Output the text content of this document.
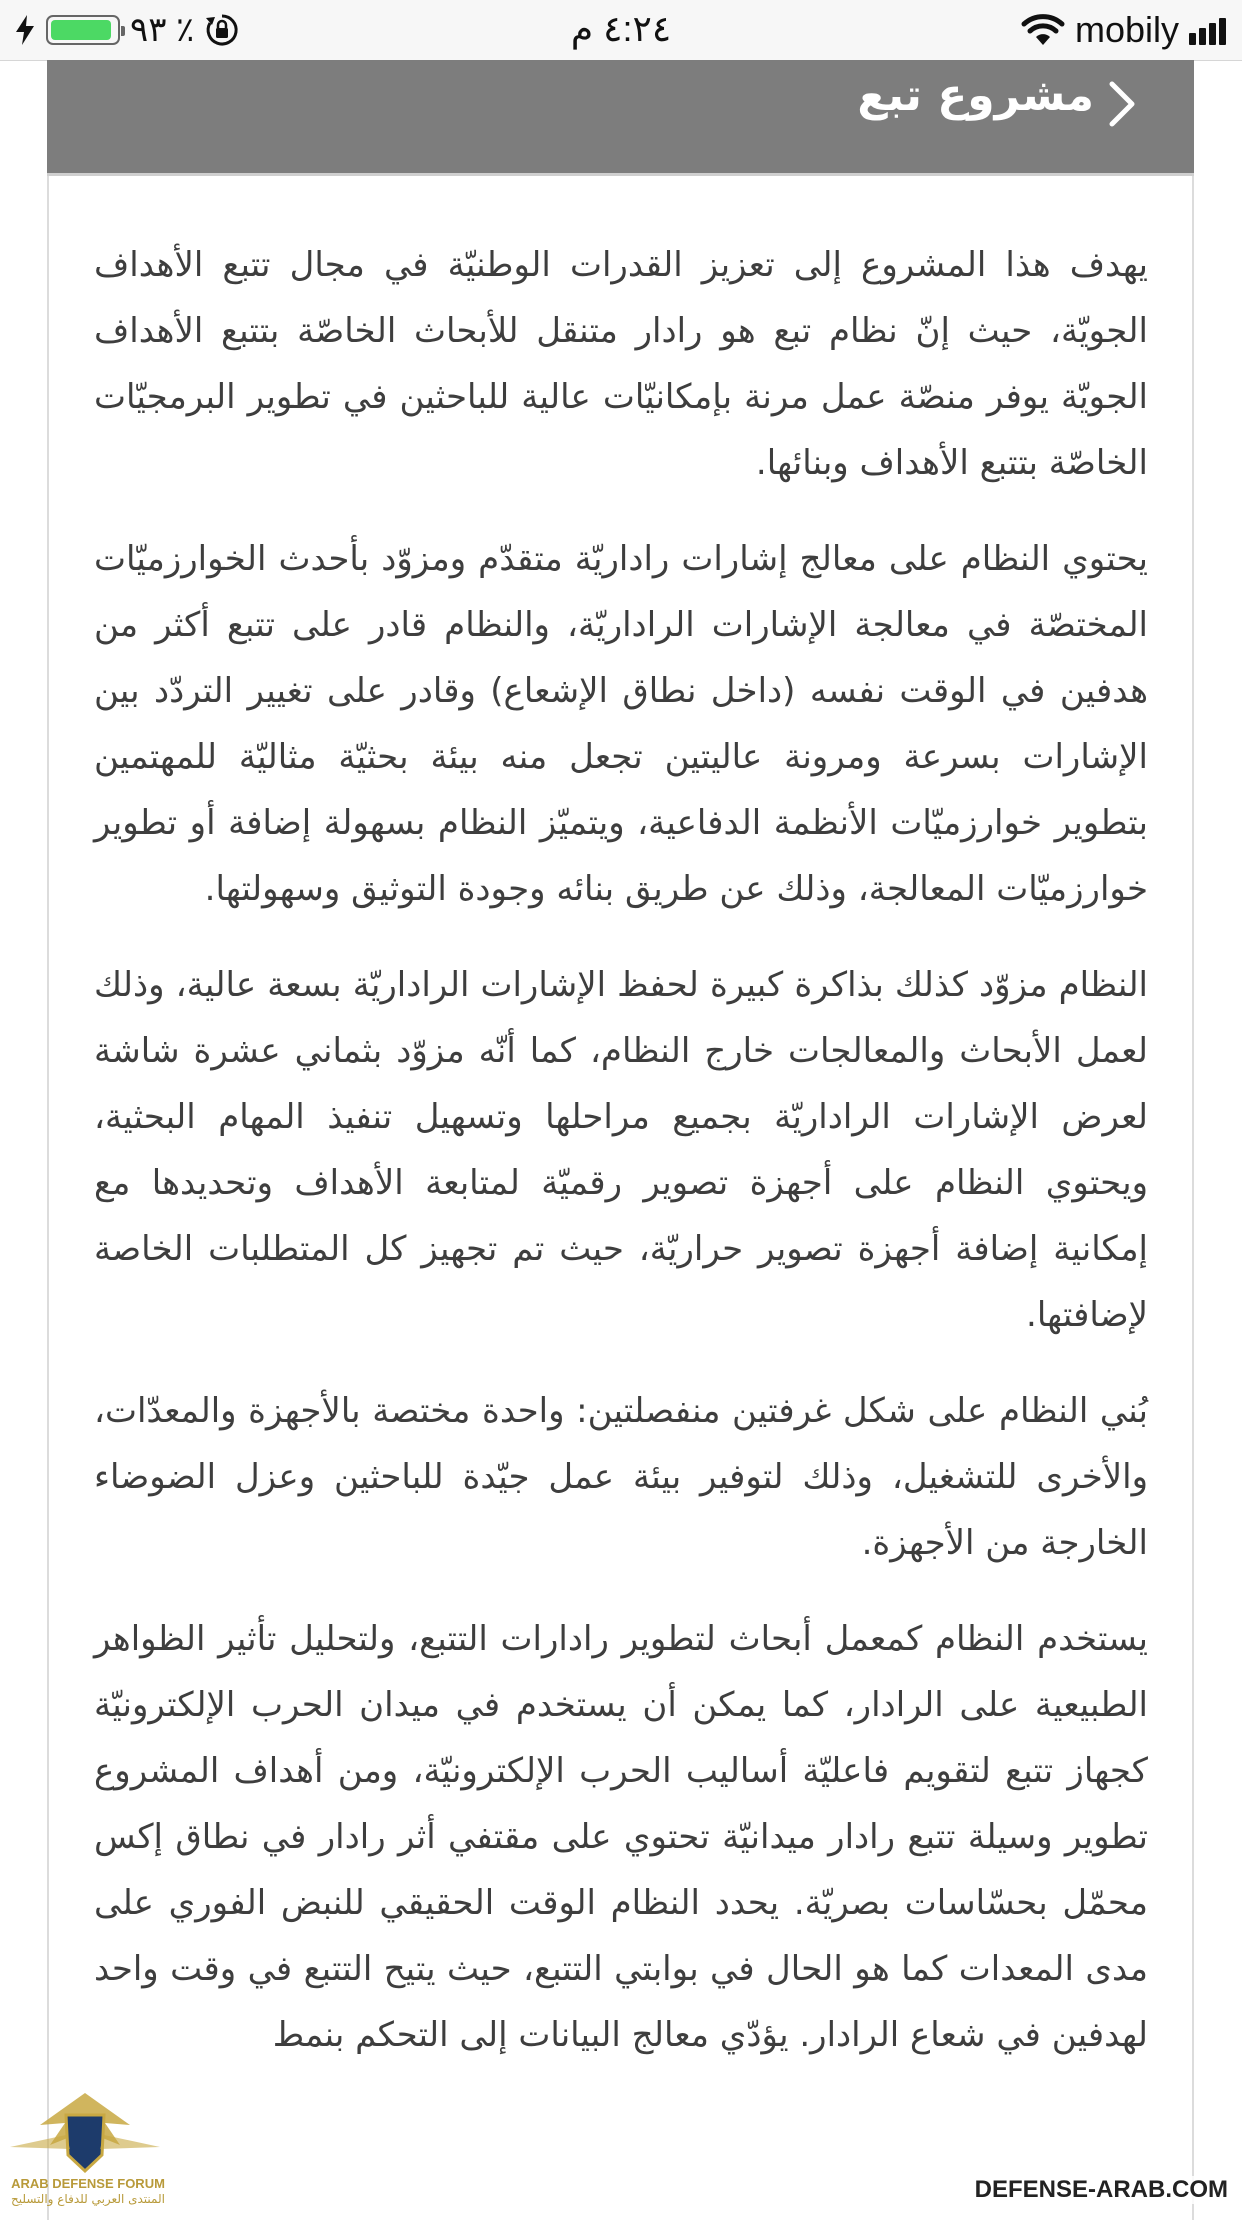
٪ ٩٣	٤:٢٤ م	mobily
مشروع تبع

يهدف هذا المشروع إلى تعزيز القدرات الوطنيّة في مجال تتبع الأهداف الجويّة، حيث إنّ نظام تبع هو رادار متنقل للأبحاث الخاصّة بتتبع الأهداف الجويّة يوفر منصّة عمل مرنة بإمكانيّات عالية للباحثين في تطوير البرمجيّات الخاصّة بتتبع الأهداف وبنائها.

يحتوي النظام على معالج إشارات راداريّة متقدّم ومزوّد بأحدث الخوارزميّات المختصّة في معالجة الإشارات الراداريّة، والنظام قادر على تتبع أكثر من هدفين في الوقت نفسه (داخل نطاق الإشعاع) وقادر على تغيير التردّد بين الإشارات بسرعة ومرونة عاليتين تجعل منه بيئة بحثيّة مثاليّة للمهتمين بتطوير خوارزميّات الأنظمة الدفاعية، ويتميّز النظام بسهولة إضافة أو تطوير خوارزميّات المعالجة، وذلك عن طريق بنائه وجودة التوثيق وسهولتها.

النظام مزوّد كذلك بذاكرة كبيرة لحفظ الإشارات الراداريّة بسعة عالية، وذلك لعمل الأبحاث والمعالجات خارج النظام، كما أنّه مزوّد بثماني عشرة شاشة لعرض الإشارات الراداريّة بجميع مراحلها وتسهيل تنفيذ المهام البحثية، ويحتوي النظام على أجهزة تصوير رقميّة لمتابعة الأهداف وتحديدها مع إمكانية إضافة أجهزة تصوير حراريّة، حيث تم تجهيز كل المتطلبات الخاصة لإضافتها.

بُني النظام على شكل غرفتين منفصلتين: واحدة مختصة بالأجهزة والمعدّات، والأخرى للتشغيل، وذلك لتوفير بيئة عمل جيّدة للباحثين وعزل الضوضاء الخارجة من الأجهزة.

يستخدم النظام كمعمل أبحاث لتطوير رادارات التتبع، ولتحليل تأثير الظواهر الطبيعية على الرادار، كما يمكن أن يستخدم في ميدان الحرب الإلكترونيّة كجهاز تتبع لتقويم فاعليّة أساليب الحرب الإلكترونيّة، ومن أهداف المشروع تطوير وسيلة تتبع رادار ميدانيّة تحتوي على مقتفي أثر رادار في نطاق إكس محمّل بحسّاسات بصريّة. يحدد النظام الوقت الحقيقي للنبض الفوري على مدى المعدات كما هو الحال في بوابتي التتبع، حيث يتيح التتبع في وقت واحد لهدفين في شعاع الرادار. يؤدّي معالج البيانات إلى التحكم بنمط

ARAB DEFENSE FORUM
المنتدى العربي للدفاع والتسليح	DEFENSE-ARAB.COM
